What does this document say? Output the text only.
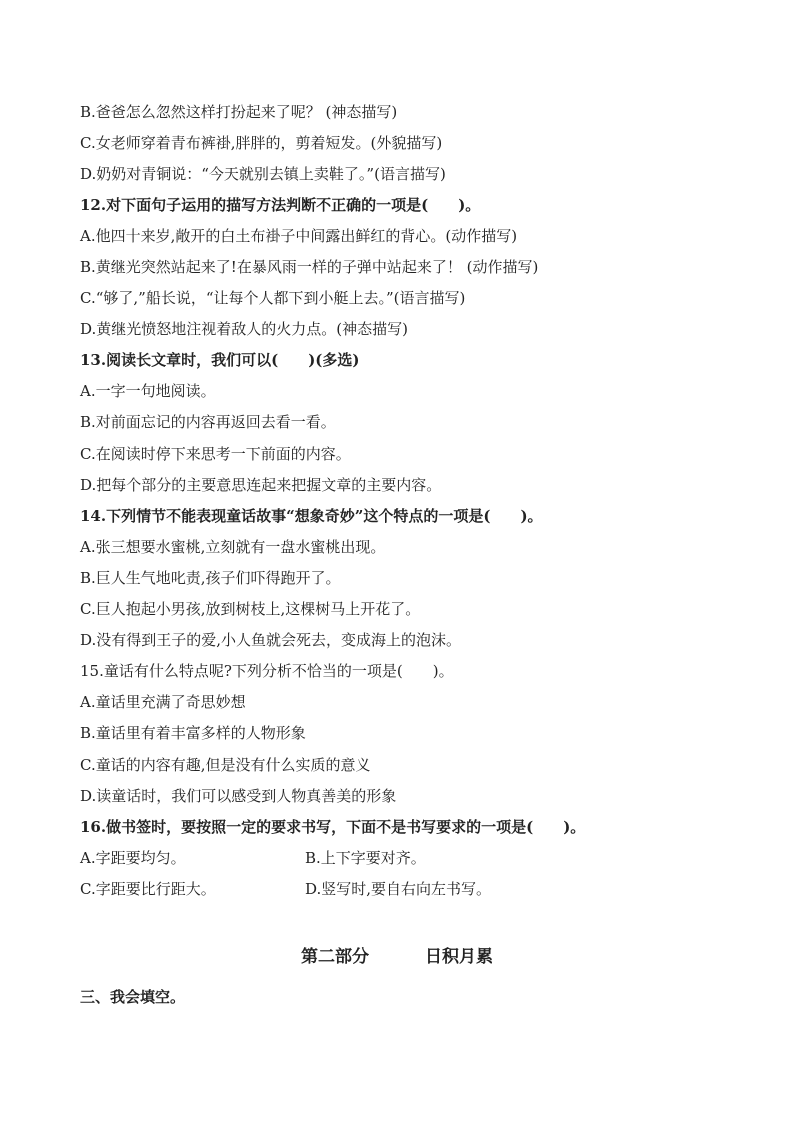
B.爸爸怎么忽然这样打扮起来了呢？ (神态描写)
C.女老师穿着青布裤褂,胖胖的，剪着短发。(外貌描写)
D.奶奶对青铜说：“今天就别去镇上卖鞋了。”(语言描写)
12.对下面句子运用的描写方法判断不正确的一项是(　　)。
A.他四十来岁,敞开的白土布褂子中间露出鲜红的背心。(动作描写)
B.黄继光突然站起来了!在暴风雨一样的子弹中站起来了！ (动作描写)
C.“够了,”船长说，“让每个人都下到小艇上去。”(语言描写)
D.黄继光愤怒地注视着敌人的火力点。(神态描写)
13.阅读长文章时，我们可以(　　)(多选)
A.一字一句地阅读。
B.对前面忘记的内容再返回去看一看。
C.在阅读时停下来思考一下前面的内容。
D.把每个部分的主要意思连起来把握文章的主要内容。
14.下列情节不能表现童话故事“想象奇妙”这个特点的一项是(　　)。
A.张三想要水蜜桃,立刻就有一盘水蜜桃出现。
B.巨人生气地叱责,孩子们吓得跑开了。
C.巨人抱起小男孩,放到树枝上,这棵树马上开花了。
D.没有得到王子的爱,小人鱼就会死去，变成海上的泡沫。
15.童话有什么特点呢?下列分析不恰当的一项是(　　)。
A.童话里充满了奇思妙想
B.童话里有着丰富多样的人物形象
C.童话的内容有趣,但是没有什么实质的意义
D.读童话时，我们可以感受到人物真善美的形象
16.做书签时，要按照一定的要求书写，下面不是书写要求的一项是(　　)。
A.字距要均匀。	B.上下字要对齐。
C.字距要比行距大。	D.竖写时,要自右向左书写。
第二部分	日积月累
三、我会填空。
